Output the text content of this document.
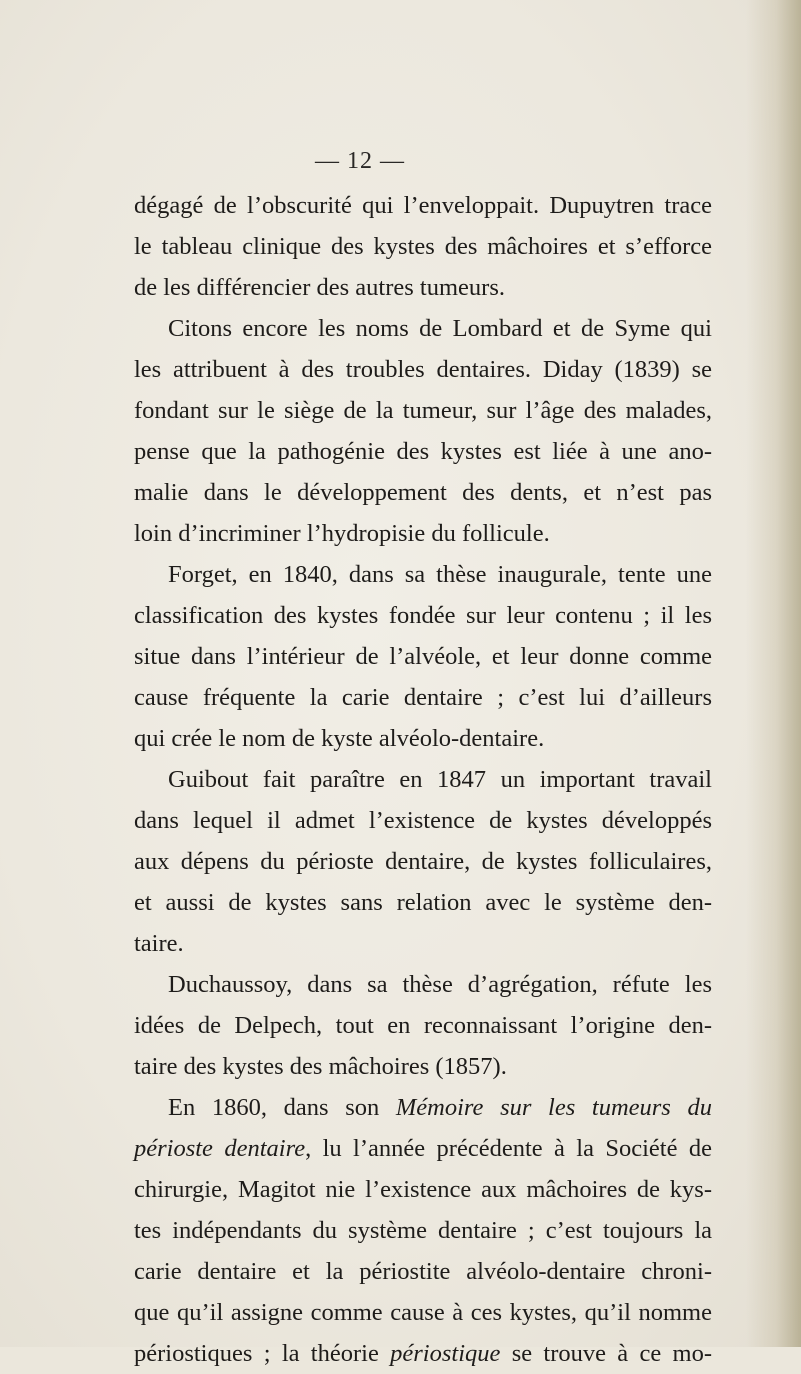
— 12 —
dégagé de l’obscurité qui l’enveloppait. Dupuytren trace
le tableau clinique des kystes des mâchoires et s’efforce
de les différencier des autres tumeurs.
Citons encore les noms de Lombard et de Syme qui
les attribuent à des troubles dentaires. Diday (1839) se
fondant sur le siège de la tumeur, sur l’âge des malades,
pense que la pathogénie des kystes est liée à une ano-
malie dans le développement des dents, et n’est pas
loin d’incriminer l’hydropisie du follicule.
Forget, en 1840, dans sa thèse inaugurale, tente une
classification des kystes fondée sur leur contenu ; il les
situe dans l’intérieur de l’alvéole, et leur donne comme
cause fréquente la carie dentaire ; c’est lui d’ailleurs
qui crée le nom de kyste alvéolo-dentaire.
Guibout fait paraître en 1847 un important travail
dans lequel il admet l’existence de kystes développés
aux dépens du périoste dentaire, de kystes folliculaires,
et aussi de kystes sans relation avec le système den-
taire.
Duchaussoy, dans sa thèse d’agrégation, réfute les
idées de Delpech, tout en reconnaissant l’origine den-
taire des kystes des mâchoires (1857).
En 1860, dans son Mémoire sur les tumeurs du
périoste dentaire, lu l’année précédente à la Société de
chirurgie, Magitot nie l’existence aux mâchoires de kys-
tes indépendants du système dentaire ; c’est toujours la
carie dentaire et la périostite alvéolo-dentaire chroni-
que qu’il assigne comme cause à ces kystes, qu’il nomme
périostiques ; la théorie périostique se trouve à ce mo-
